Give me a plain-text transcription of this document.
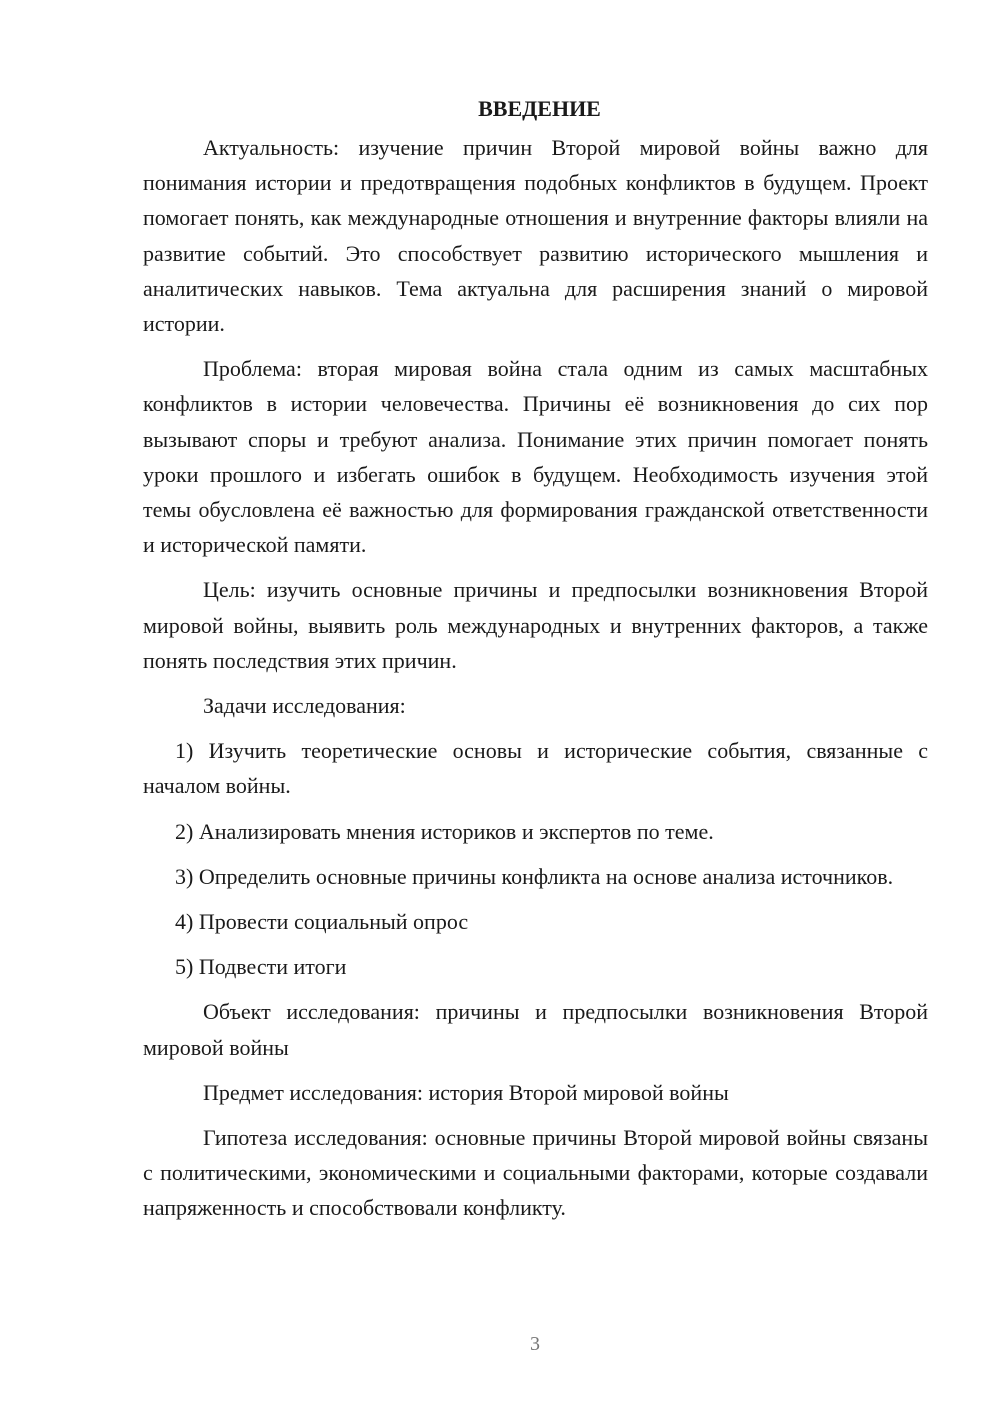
ВВЕДЕНИЕ

Актуальность: изучение причин Второй мировой войны важно для понимания истории и предотвращения подобных конфликтов в будущем. Проект помогает понять, как международные отношения и внутренние факторы влияли на развитие событий. Это способствует развитию исторического мышления и аналитических навыков. Тема актуальна для расширения знаний о мировой истории.

Проблема: вторая мировая война стала одним из самых масштабных конфликтов в истории человечества. Причины её возникновения до сих пор вызывают споры и требуют анализа. Понимание этих причин помогает понять уроки прошлого и избегать ошибок в будущем. Необходимость изучения этой темы обусловлена её важностью для формирования гражданской ответственности и исторической памяти.

Цель: изучить основные причины и предпосылки возникновения Второй мировой войны, выявить роль международных и внутренних факторов, а также понять последствия этих причин.

Задачи исследования:

1) Изучить теоретические основы и исторические события, связанные с началом войны.

2) Анализировать мнения историков и экспертов по теме.

3) Определить основные причины конфликта на основе анализа источников.

4) Провести социальный опрос

5) Подвести итоги

Объект исследования: причины и предпосылки возникновения Второй мировой войны

Предмет исследования: история Второй мировой войны

Гипотеза исследования: основные причины Второй мировой войны связаны с политическими, экономическими и социальными факторами, которые создавали напряженность и способствовали конфликту.

3
